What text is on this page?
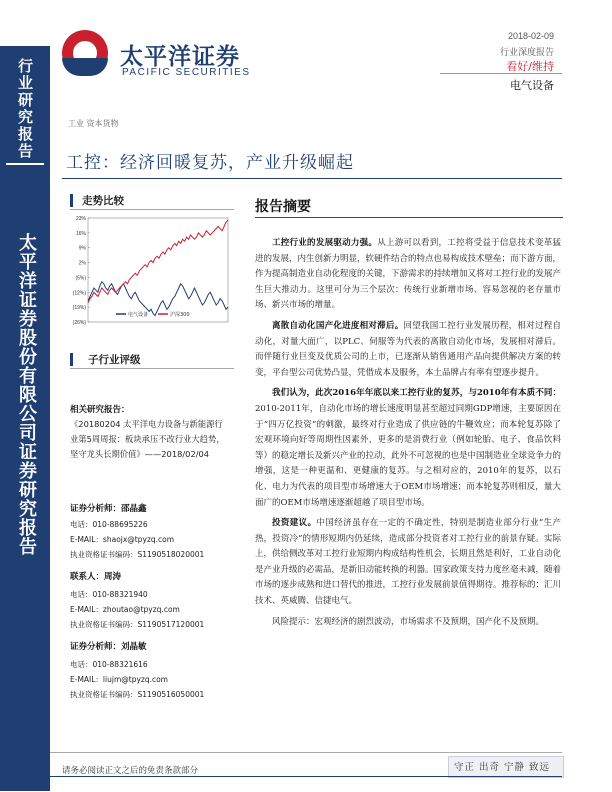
行业研究报告
太平洋证券股份有限公司证券研究报告
太平洋证券
PACIFIC SECURITIES
2018-02-09
行业深度报告
看好/维持
电气设备
工业 资本货物
工控：经济回暖复苏，产业升级崛起
走势比较
23%
16%
9%
2%
(5%)
(12%)
(19%)
(26%)
电气设备	沪深300
子行业评级
相关研究报告：
《20180204 太平洋电力设备与新能源行业第5周周报：板块承压不改行业大趋势，坚守龙头长期价值》——2018/02/04
证券分析师：邵晶鑫
电话：010-88695226
E-MAIL：shaojx@tpyzq.com
执业资格证书编码：S1190518020001
联系人：周涛
电话：010-88321940
E-MAIL：zhoutao@tpyzq.com
执业资格证书编码：S1190517120001
证券分析师：刘晶敏
电话：010-88321616
E-MAIL：liujm@tpyzq.com
执业资格证书编码：S1190516050001
报告摘要

工控行业的发展驱动力强。从上游可以看到，工控将受益于信息技术变革猛进的发展，内生创新力明显，软硬件结合的特点也易构成技术壁垒；而下游方面，作为提高制造业自动化程度的关键，下游需求的持续增加又将对工控行业的发展产生巨大推动力。这里可分为三个层次：传统行业新增市场、容易忽视的老存量市场、新兴市场的增量。

离散自动化国产化进度相对滞后。回望我国工控行业发展历程，相对过程自动化，对量大面广，以PLC、伺服等为代表的离散自动化市场，发展相对滞后。而伴随行业巨变及优质公司的上市，已逐渐从销售通用产品向提供解决方案的转变，平台型公司优势凸显，凭借成本及服务，本土品牌占有率有望逐步提升。

我们认为，此次2016年年底以来工控行业的复苏，与2010年有本质不同：2010-2011年，自动化市场的增长速度明显甚至超过同期GDP增速，主要原因在于“四万亿投资”的刺激，最终对行业造成了供应链的牛鞭效应；而本轮复苏除了宏观环境向好等周期性因素外，更多的是消费行业（例如轮胎、电子、食品饮料等）的稳定增长及新兴产业的拉动，此外不可忽视的也是中国制造业全球竞争力的增强，这是一种更温和、更健康的复苏。与之相对应的，2010年的复苏，以石化、电力为代表的项目型市场增速大于OEM市场增速；而本轮复苏则相反，量大面广的OEM市场增速逐渐超越了项目型市场。

投资建议。中国经济虽存在一定的不确定性，特别是制造业部分行业“生产热，投资冷”的情形短期内仍延续，造成部分投资者对工控行业的前景存疑。实际上，供给侧改革对工控行业短期内构成结构性机会，长期且然是利好，工业自动化是产业升级的必需品，是新旧动能转换的利器。国家政策支持力度丝毫未减，随着市场的逐步成熟和进口替代的推进，工控行业发展前景值得期待。推荐标的：汇川技术、英威腾、信捷电气。

风险提示：宏观经济的剧烈波动，市场需求不及预期，国产化不及预期。

请务必阅读正文之后的免责条款部分	守正 出奇 宁静 致远
